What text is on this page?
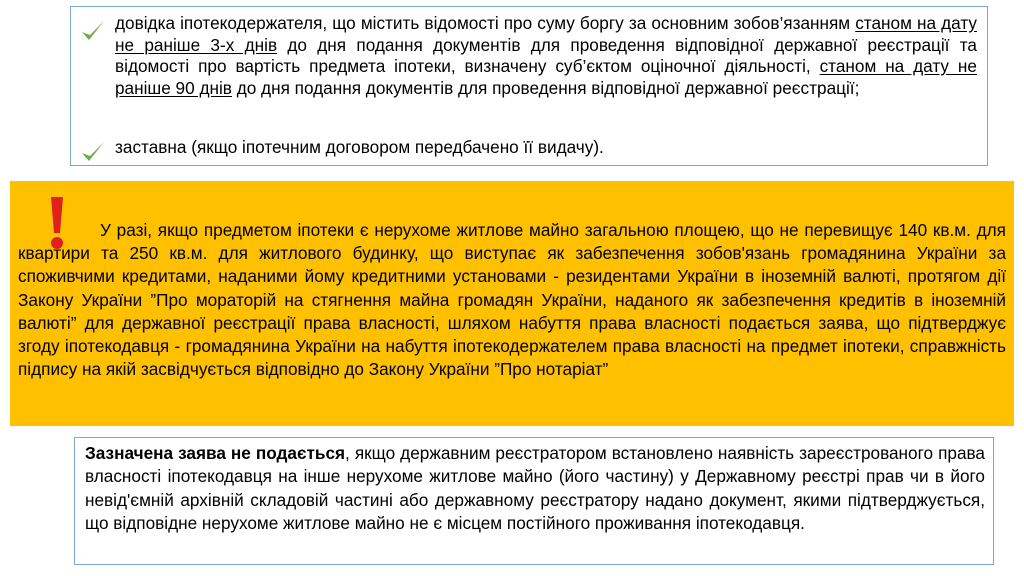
довідка іпотекодержателя, що містить відомості про суму боргу за основним зобов’язанням станом на дату не раніше 3-х днів до дня подання документів для проведення відповідної державної реєстрації та відомості про вартість предмета іпотеки, визначену суб’єктом оціночної діяльності, станом на дату не раніше 90 днів до дня подання документів для проведення відповідної державної реєстрації;
заставна (якщо іпотечним договором передбачено її видачу).
У разі, якщо предметом іпотеки є нерухоме житлове майно загальною площею, що не перевищує 140 кв.м. для квартири та 250 кв.м. для житлового будинку, що виступає як забезпечення зобов'язань громадянина України за споживчими кредитами, наданими йому кредитними установами - резидентами України в іноземній валюті, протягом дії Закону України ”Про мораторій на стягнення майна громадян України, наданого як забезпечення кредитів в іноземній валюті” для державної реєстрації права власності, шляхом набуття права власності подається заява, що підтверджує згоду іпотекодавця - громадянина України на набуття іпотекодержателем права власності на предмет іпотеки, справжність підпису на якій засвідчується відповідно до Закону України ”Про нотаріат”
Зазначена заява не подається, якщо державним реєстратором встановлено наявність зареєстрованого права власності іпотекодавця на інше нерухоме житлове майно (його частину) у Державному реєстрі прав чи в його невід'ємній архівній складовій частині або державному реєстратору надано документ, якими підтверджується, що відповідне нерухоме житлове майно не є місцем постійного проживання іпотекодавця.
